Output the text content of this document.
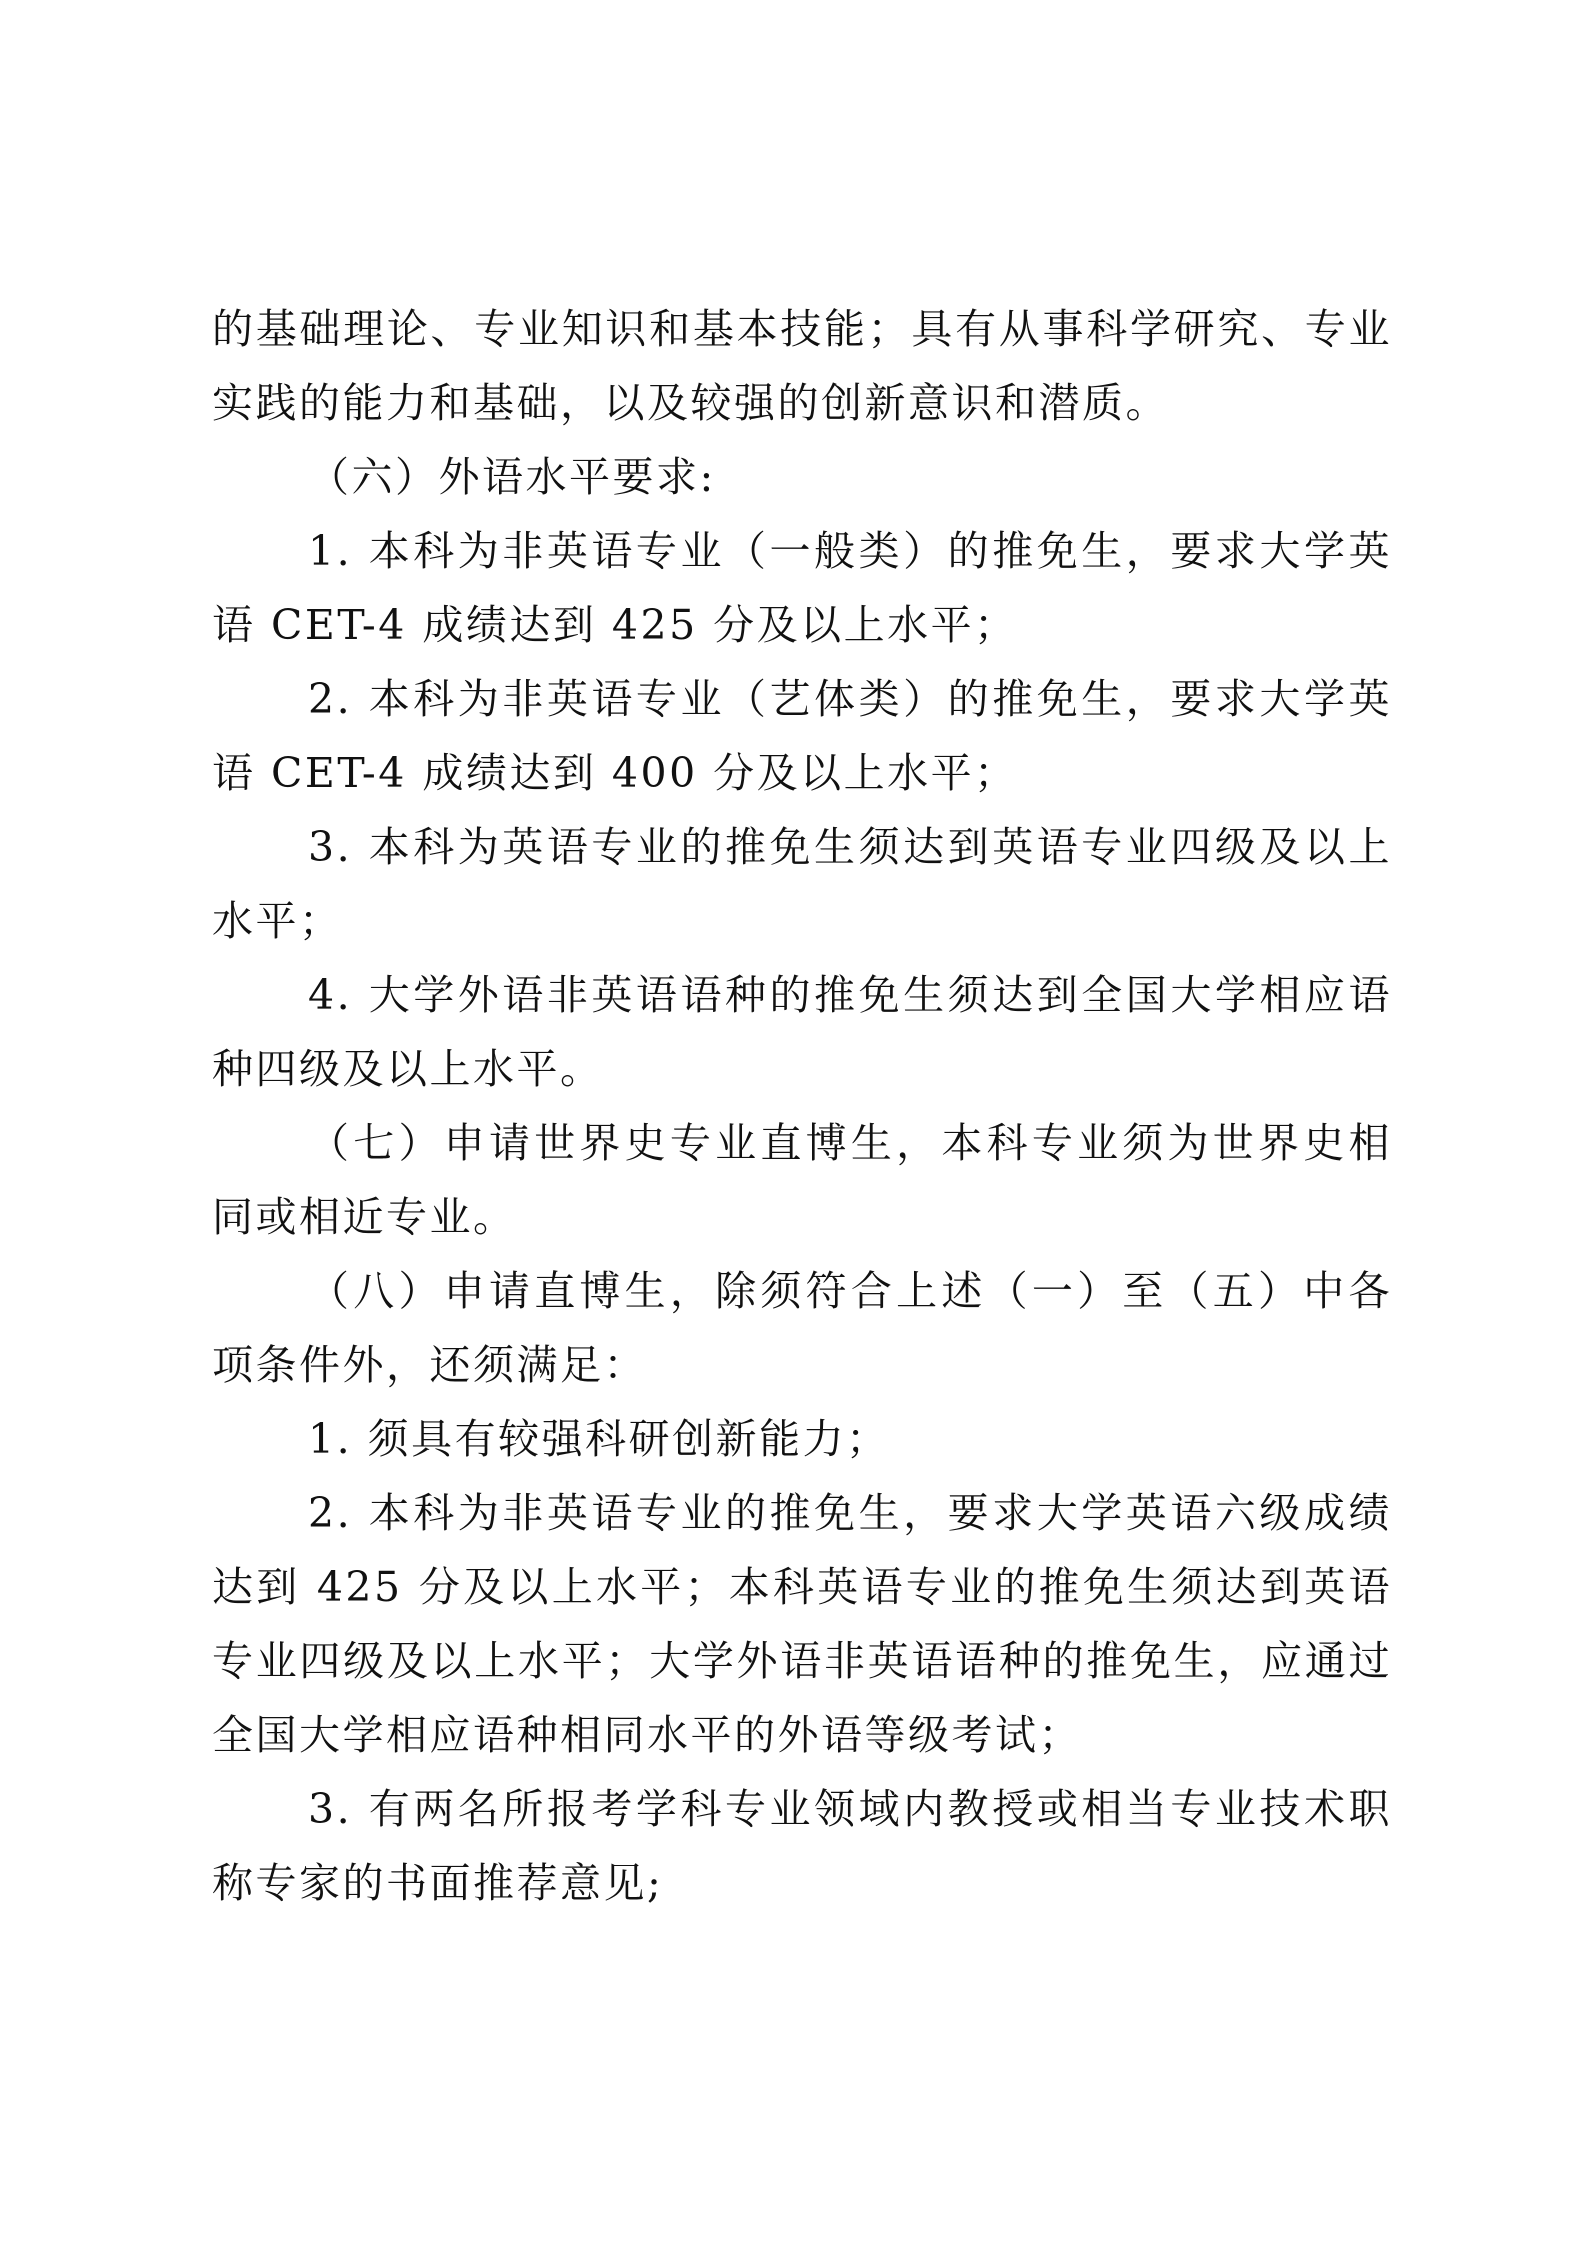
的基础理论、专业知识和基本技能；具有从事科学研究、专业实践的能力和基础，以及较强的创新意识和潜质。

（六）外语水平要求:

1. 本科为非英语专业（一般类）的推免生，要求大学英语 CET-4 成绩达到 425 分及以上水平；

2. 本科为非英语专业（艺体类）的推免生，要求大学英语 CET-4 成绩达到 400 分及以上水平；

3. 本科为英语专业的推免生须达到英语专业四级及以上水平；

4. 大学外语非英语语种的推免生须达到全国大学相应语种四级及以上水平。

（七）申请世界史专业直博生，本科专业须为世界史相同或相近专业。

（八）申请直博生，除须符合上述（一）至（五）中各项条件外，还须满足：

1. 须具有较强科研创新能力；

2. 本科为非英语专业的推免生，要求大学英语六级成绩达到 425 分及以上水平；本科英语专业的推免生须达到英语专业四级及以上水平；大学外语非英语语种的推免生，应通过全国大学相应语种相同水平的外语等级考试；

3. 有两名所报考学科专业领域内教授或相当专业技术职称专家的书面推荐意见;
